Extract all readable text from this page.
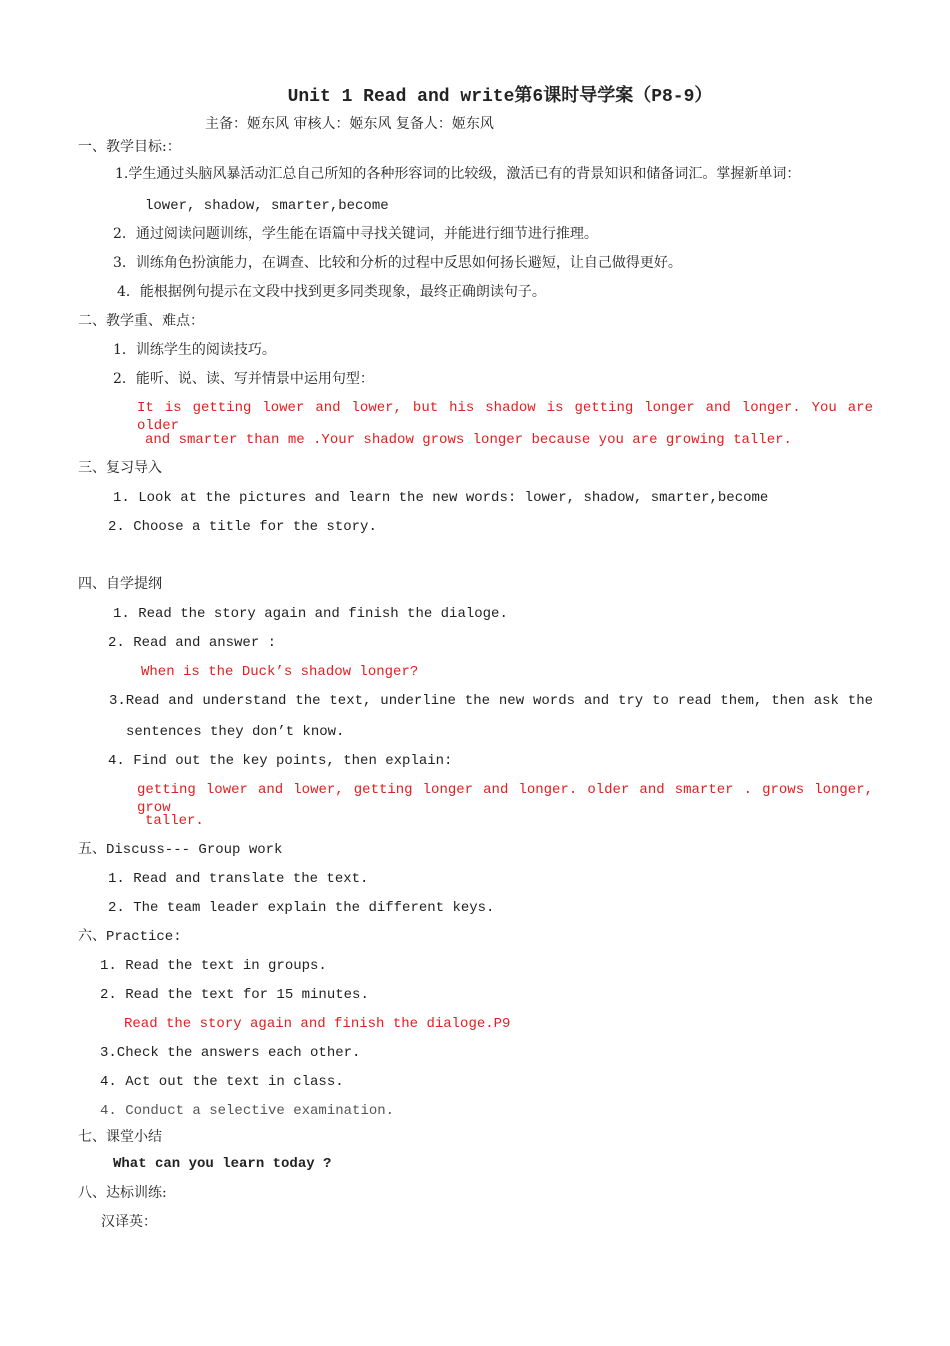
Unit 1 Read and write第6课时导学案（P8-9）
主备：姬东风 审核人：姬东风 复备人：姬东风
一、教学目标:：
1.学生通过头脑风暴活动汇总自己所知的各种形容词的比较级，激活已有的背景知识和储备词汇。掌握新单词：
lower, shadow, smarter,become
2．通过阅读问题训练，学生能在语篇中寻找关键词，并能进行细节进行推理。
3．训练角色扮演能力，在调查、比较和分析的过程中反思如何扬长避短，让自己做得更好。
4．能根据例句提示在文段中找到更多同类现象，最终正确朗读句子。
二、教学重、难点：
1．训练学生的阅读技巧。
2．能听、说、读、写并情景中运用句型：
It is getting lower and lower, but his shadow is getting longer and longer. You are older
and smarter than me .Your shadow grows longer because you are growing taller.
三、复习导入
1. Look at the pictures and learn the new words: lower, shadow, smarter,become
2. Choose a title for the story.
四、自学提纲
1. Read the story again and finish the dialoge.
2. Read and answer :
When is the Duck’s shadow longer?
3.Read and understand the text, underline the new words and try to read them, then ask the
sentences they don’t know.
4. Find out the key points, then explain:
getting lower and lower, getting longer and longer. older and smarter . grows longer, grow
taller.
五、Discuss--- Group work
1. Read and translate the text.
2. The team leader explain the different keys.
六、Practice:
1. Read the text in groups.
2. Read the text for 15 minutes.
Read the story again and finish the dialoge.P9
3.Check the answers each other.
4. Act out the text in class.
4. Conduct a selective examination.
七、课堂小结
What can you learn today ?
八、达标训练:
汉译英：
